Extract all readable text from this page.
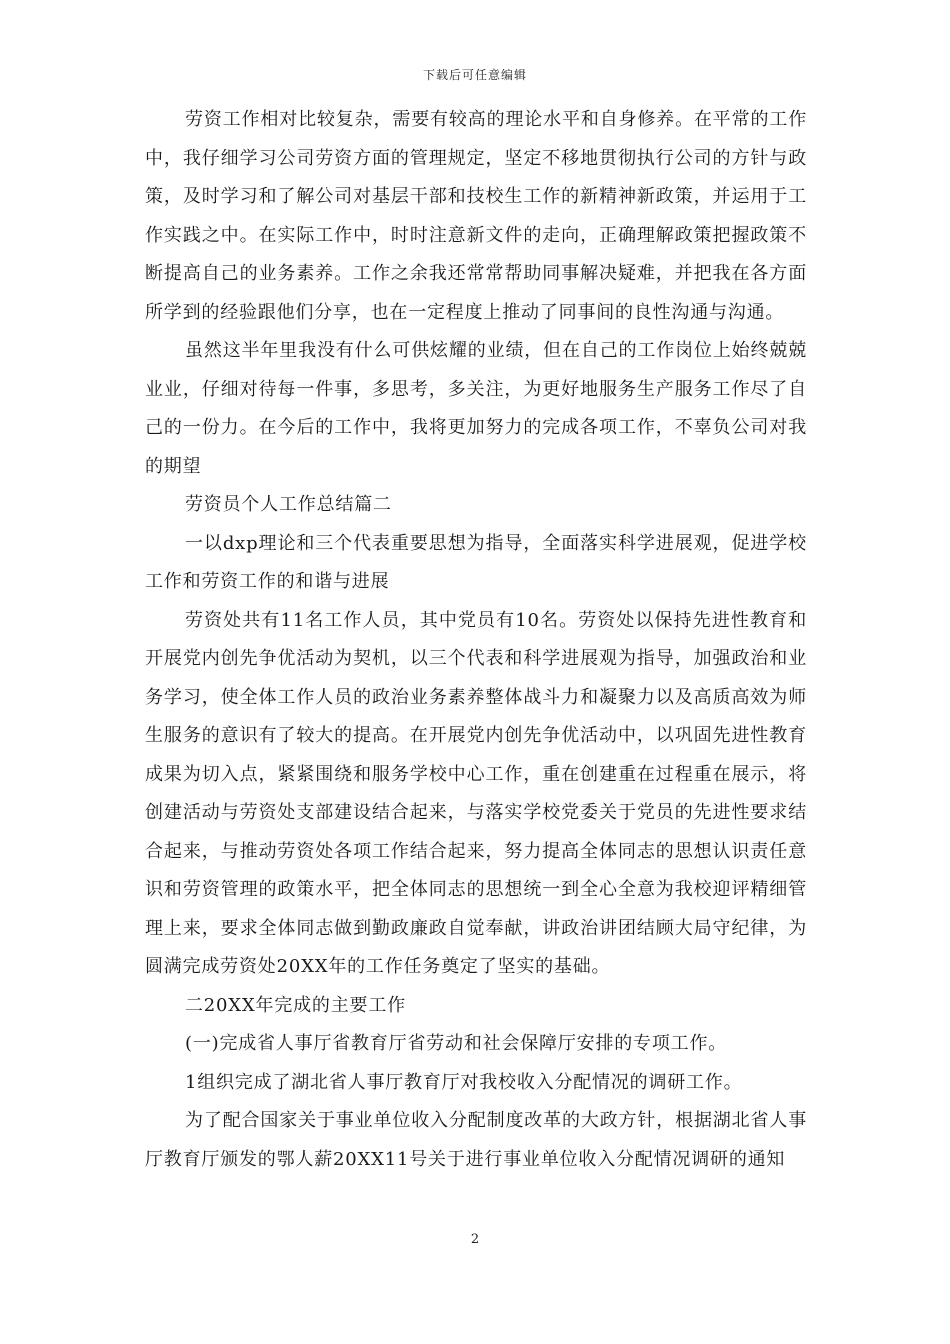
下载后可任意编辑

劳资工作相对比较复杂，需要有较高的理论水平和自身修养。在平常的工作中，我仔细学习公司劳资方面的管理规定，坚定不移地贯彻执行公司的方针与政策，及时学习和了解公司对基层干部和技校生工作的新精神新政策，并运用于工作实践之中。在实际工作中，时时注意新文件的走向，正确理解政策把握政策不断提高自己的业务素养。工作之余我还常常帮助同事解决疑难，并把我在各方面所学到的经验跟他们分享，也在一定程度上推动了同事间的良性沟通与沟通。

虽然这半年里我没有什么可供炫耀的业绩，但在自己的工作岗位上始终兢兢业业，仔细对待每一件事，多思考，多关注，为更好地服务生产服务工作尽了自己的一份力。在今后的工作中，我将更加努力的完成各项工作，不辜负公司对我的期望

劳资员个人工作总结篇二

一以dxp理论和三个代表重要思想为指导，全面落实科学进展观，促进学校工作和劳资工作的和谐与进展

劳资处共有11名工作人员，其中党员有10名。劳资处以保持先进性教育和开展党内创先争优活动为契机，以三个代表和科学进展观为指导，加强政治和业务学习，使全体工作人员的政治业务素养整体战斗力和凝聚力以及高质高效为师生服务的意识有了较大的提高。在开展党内创先争优活动中，以巩固先进性教育成果为切入点，紧紧围绕和服务学校中心工作，重在创建重在过程重在展示，将创建活动与劳资处支部建设结合起来，与落实学校党委关于党员的先进性要求结合起来，与推动劳资处各项工作结合起来，努力提高全体同志的思想认识责任意识和劳资管理的政策水平，把全体同志的思想统一到全心全意为我校迎评精细管理上来，要求全体同志做到勤政廉政自觉奉献，讲政治讲团结顾大局守纪律，为圆满完成劳资处20XX年的工作任务奠定了坚实的基础。

二20XX年完成的主要工作

(一)完成省人事厅省教育厅省劳动和社会保障厅安排的专项工作。

1组织完成了湖北省人事厅教育厅对我校收入分配情况的调研工作。

为了配合国家关于事业单位收入分配制度改革的大政方针，根据湖北省人事厅教育厅颁发的鄂人薪20XX11号关于进行事业单位收入分配情况调研的通知

2
